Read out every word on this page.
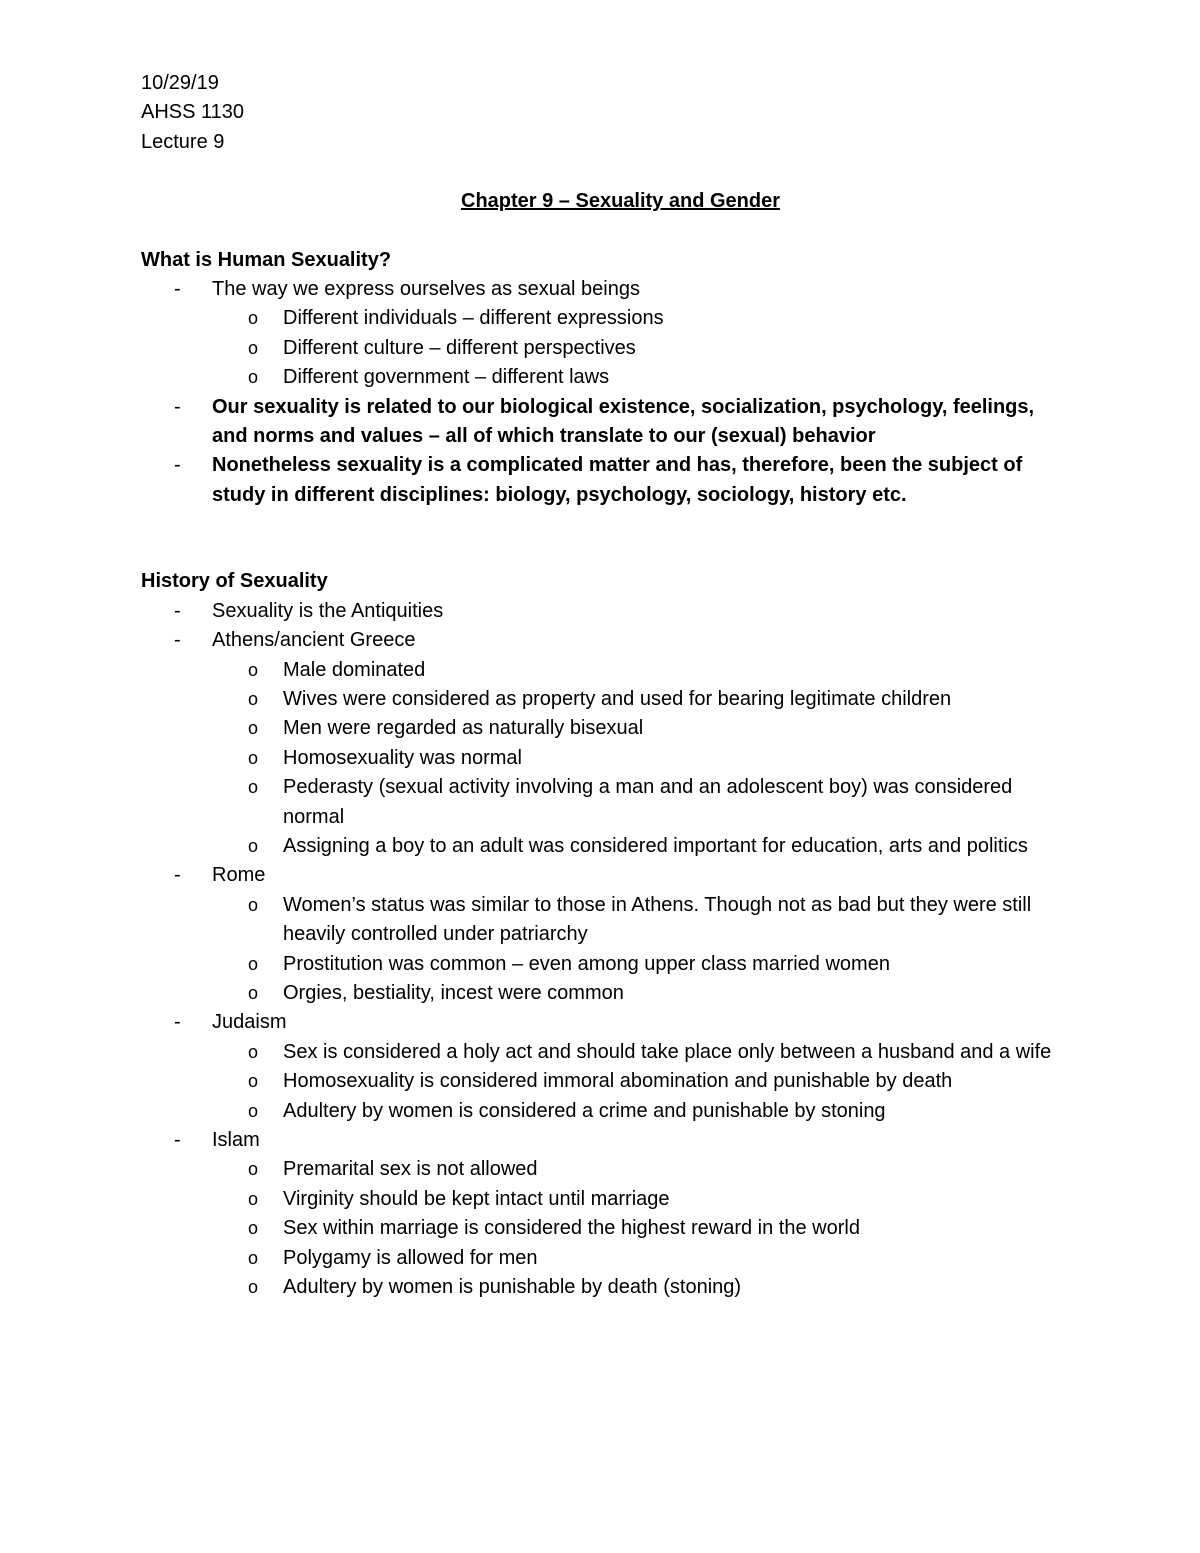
10/29/19
AHSS 1130
Lecture 9
Chapter 9 – Sexuality and Gender
What is Human Sexuality?
- The way we express ourselves as sexual beings
o Different individuals – different expressions
o Different culture – different perspectives
o Different government – different laws
- Our sexuality is related to our biological existence, socialization, psychology, feelings, and norms and values – all of which translate to our (sexual) behavior
- Nonetheless sexuality is a complicated matter and has, therefore, been the subject of study in different disciplines: biology, psychology, sociology, history etc.
History of Sexuality
- Sexuality is the Antiquities
- Athens/ancient Greece
o Male dominated
o Wives were considered as property and used for bearing legitimate children
o Men were regarded as naturally bisexual
o Homosexuality was normal
o Pederasty (sexual activity involving a man and an adolescent boy) was considered normal
o Assigning a boy to an adult was considered important for education, arts and politics
- Rome
o Women’s status was similar to those in Athens. Though not as bad but they were still heavily controlled under patriarchy
o Prostitution was common – even among upper class married women
o Orgies, bestiality, incest were common
- Judaism
o Sex is considered a holy act and should take place only between a husband and a wife
o Homosexuality is considered immoral abomination and punishable by death
o Adultery by women is considered a crime and punishable by stoning
- Islam
o Premarital sex is not allowed
o Virginity should be kept intact until marriage
o Sex within marriage is considered the highest reward in the world
o Polygamy is allowed for men
o Adultery by women is punishable by death (stoning)
